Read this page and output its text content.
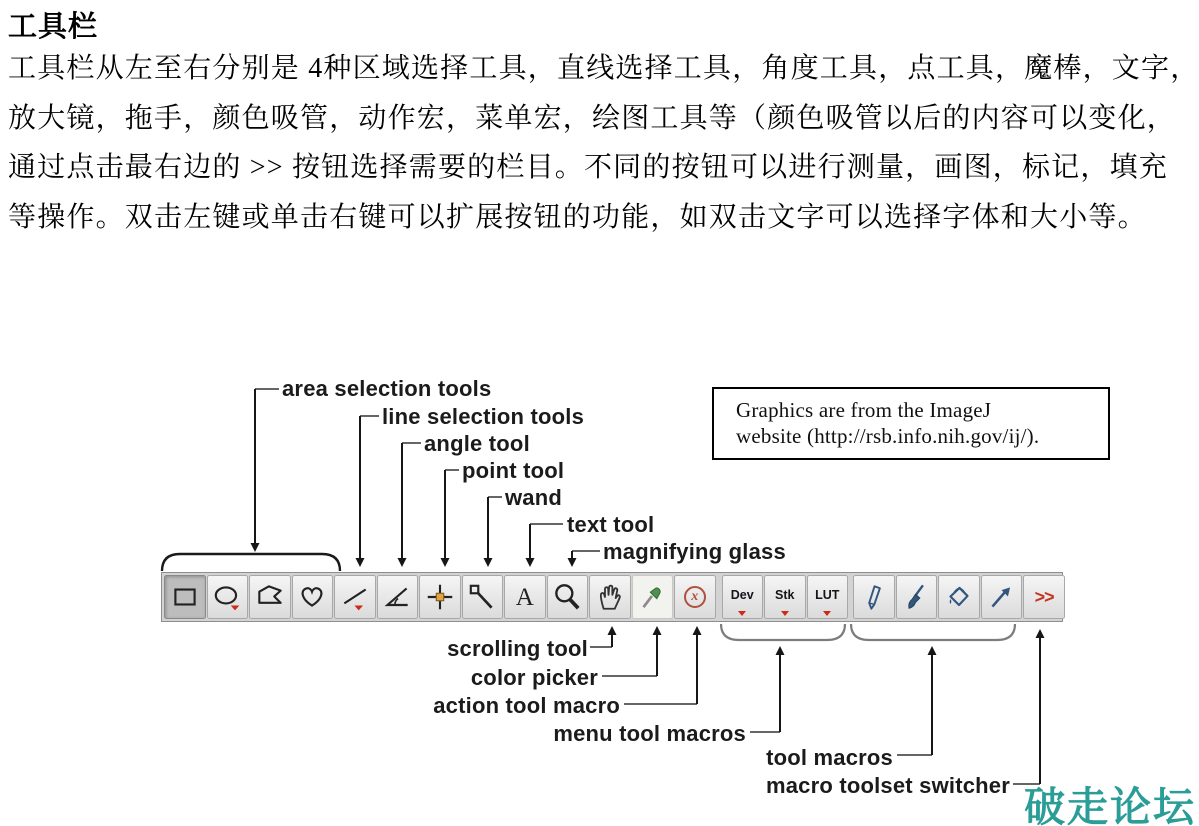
工具栏
工具栏从左至右分别是 4种区域选择工具，直线选择工具，角度工具，点工具，魔棒，文字，
放大镜，拖手，颜色吸管，动作宏，菜单宏，绘图工具等（颜色吸管以后的内容可以变化，
通过点击最右边的 >> 按钮选择需要的栏目。不同的按钮可以进行测量，画图，标记，填充
等操作。双击左键或单击右键可以扩展按钮的功能，如双击文字可以选择字体和大小等。
Graphics are from the ImageJ
website (http://rsb.info.nih.gov/ij/).
area selection tools
line selection tools
angle tool
point tool
wand
text tool
magnifying glass
scrolling tool
color picker
action tool macro
menu tool macros
tool macros
macro toolset switcher
A	x	Dev Stk LUT	>>
破走论坛
